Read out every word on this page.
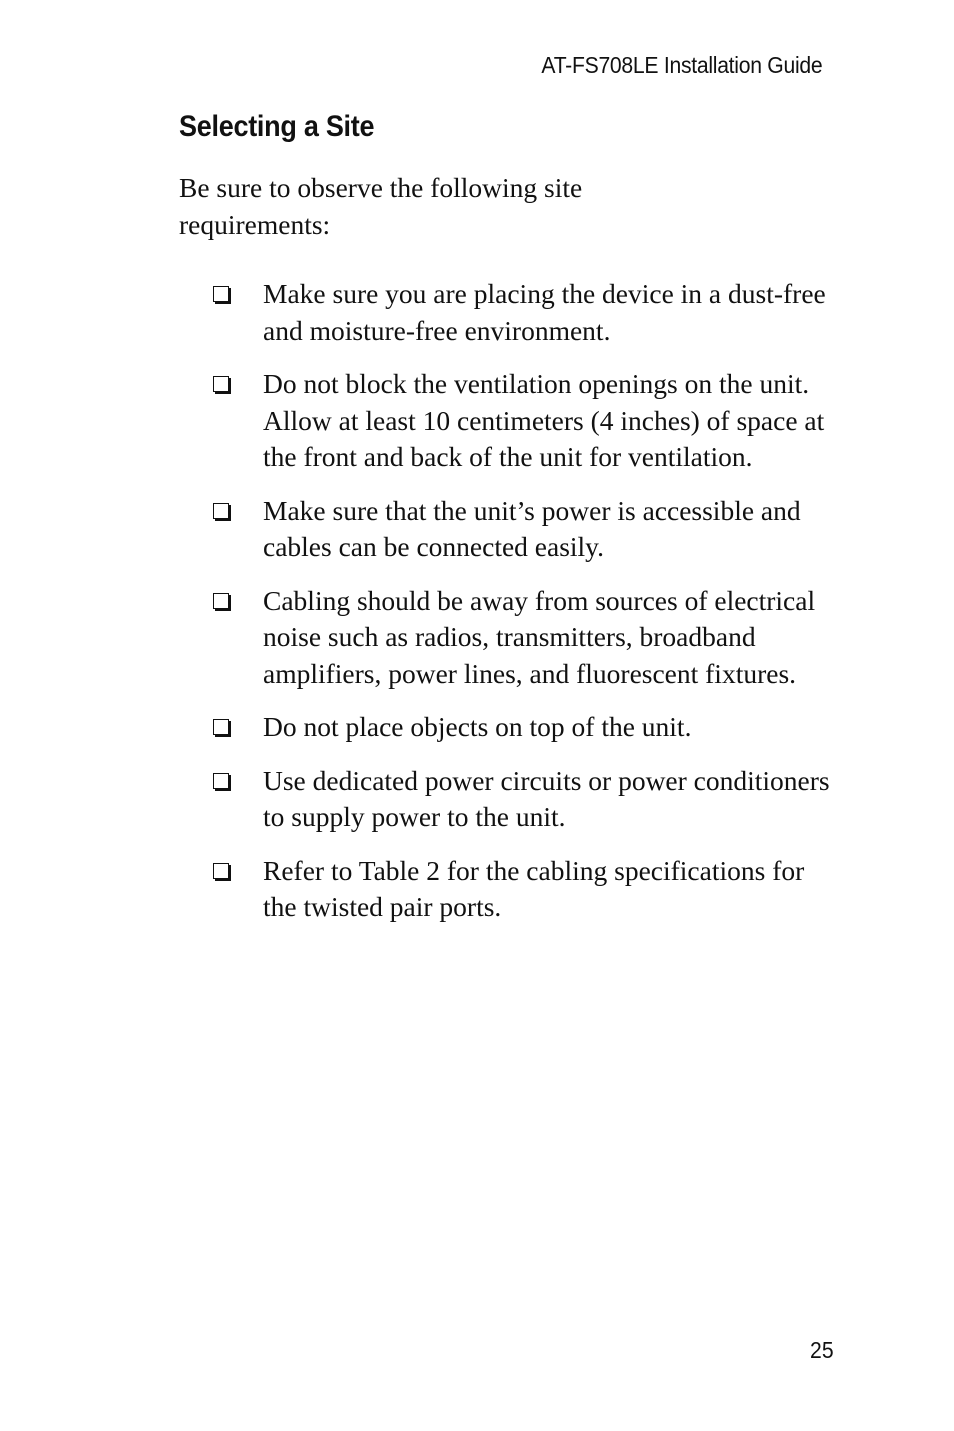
AT-FS708LE Installation Guide
Selecting a Site

Be sure to observe the following site requirements:

Make sure you are placing the device in a dust-free and moisture-free environment.
Do not block the ventilation openings on the unit. Allow at least 10 centimeters (4 inches) of space at the front and back of the unit for ventilation.
Make sure that the unit’s power is accessible and cables can be connected easily.
Cabling should be away from sources of electrical noise such as radios, transmitters, broadband amplifiers, power lines, and fluorescent fixtures.
Do not place objects on top of the unit.
Use dedicated power circuits or power conditioners to supply power to the unit.
Refer to Table 2 for the cabling specifications for the twisted pair ports.
25
